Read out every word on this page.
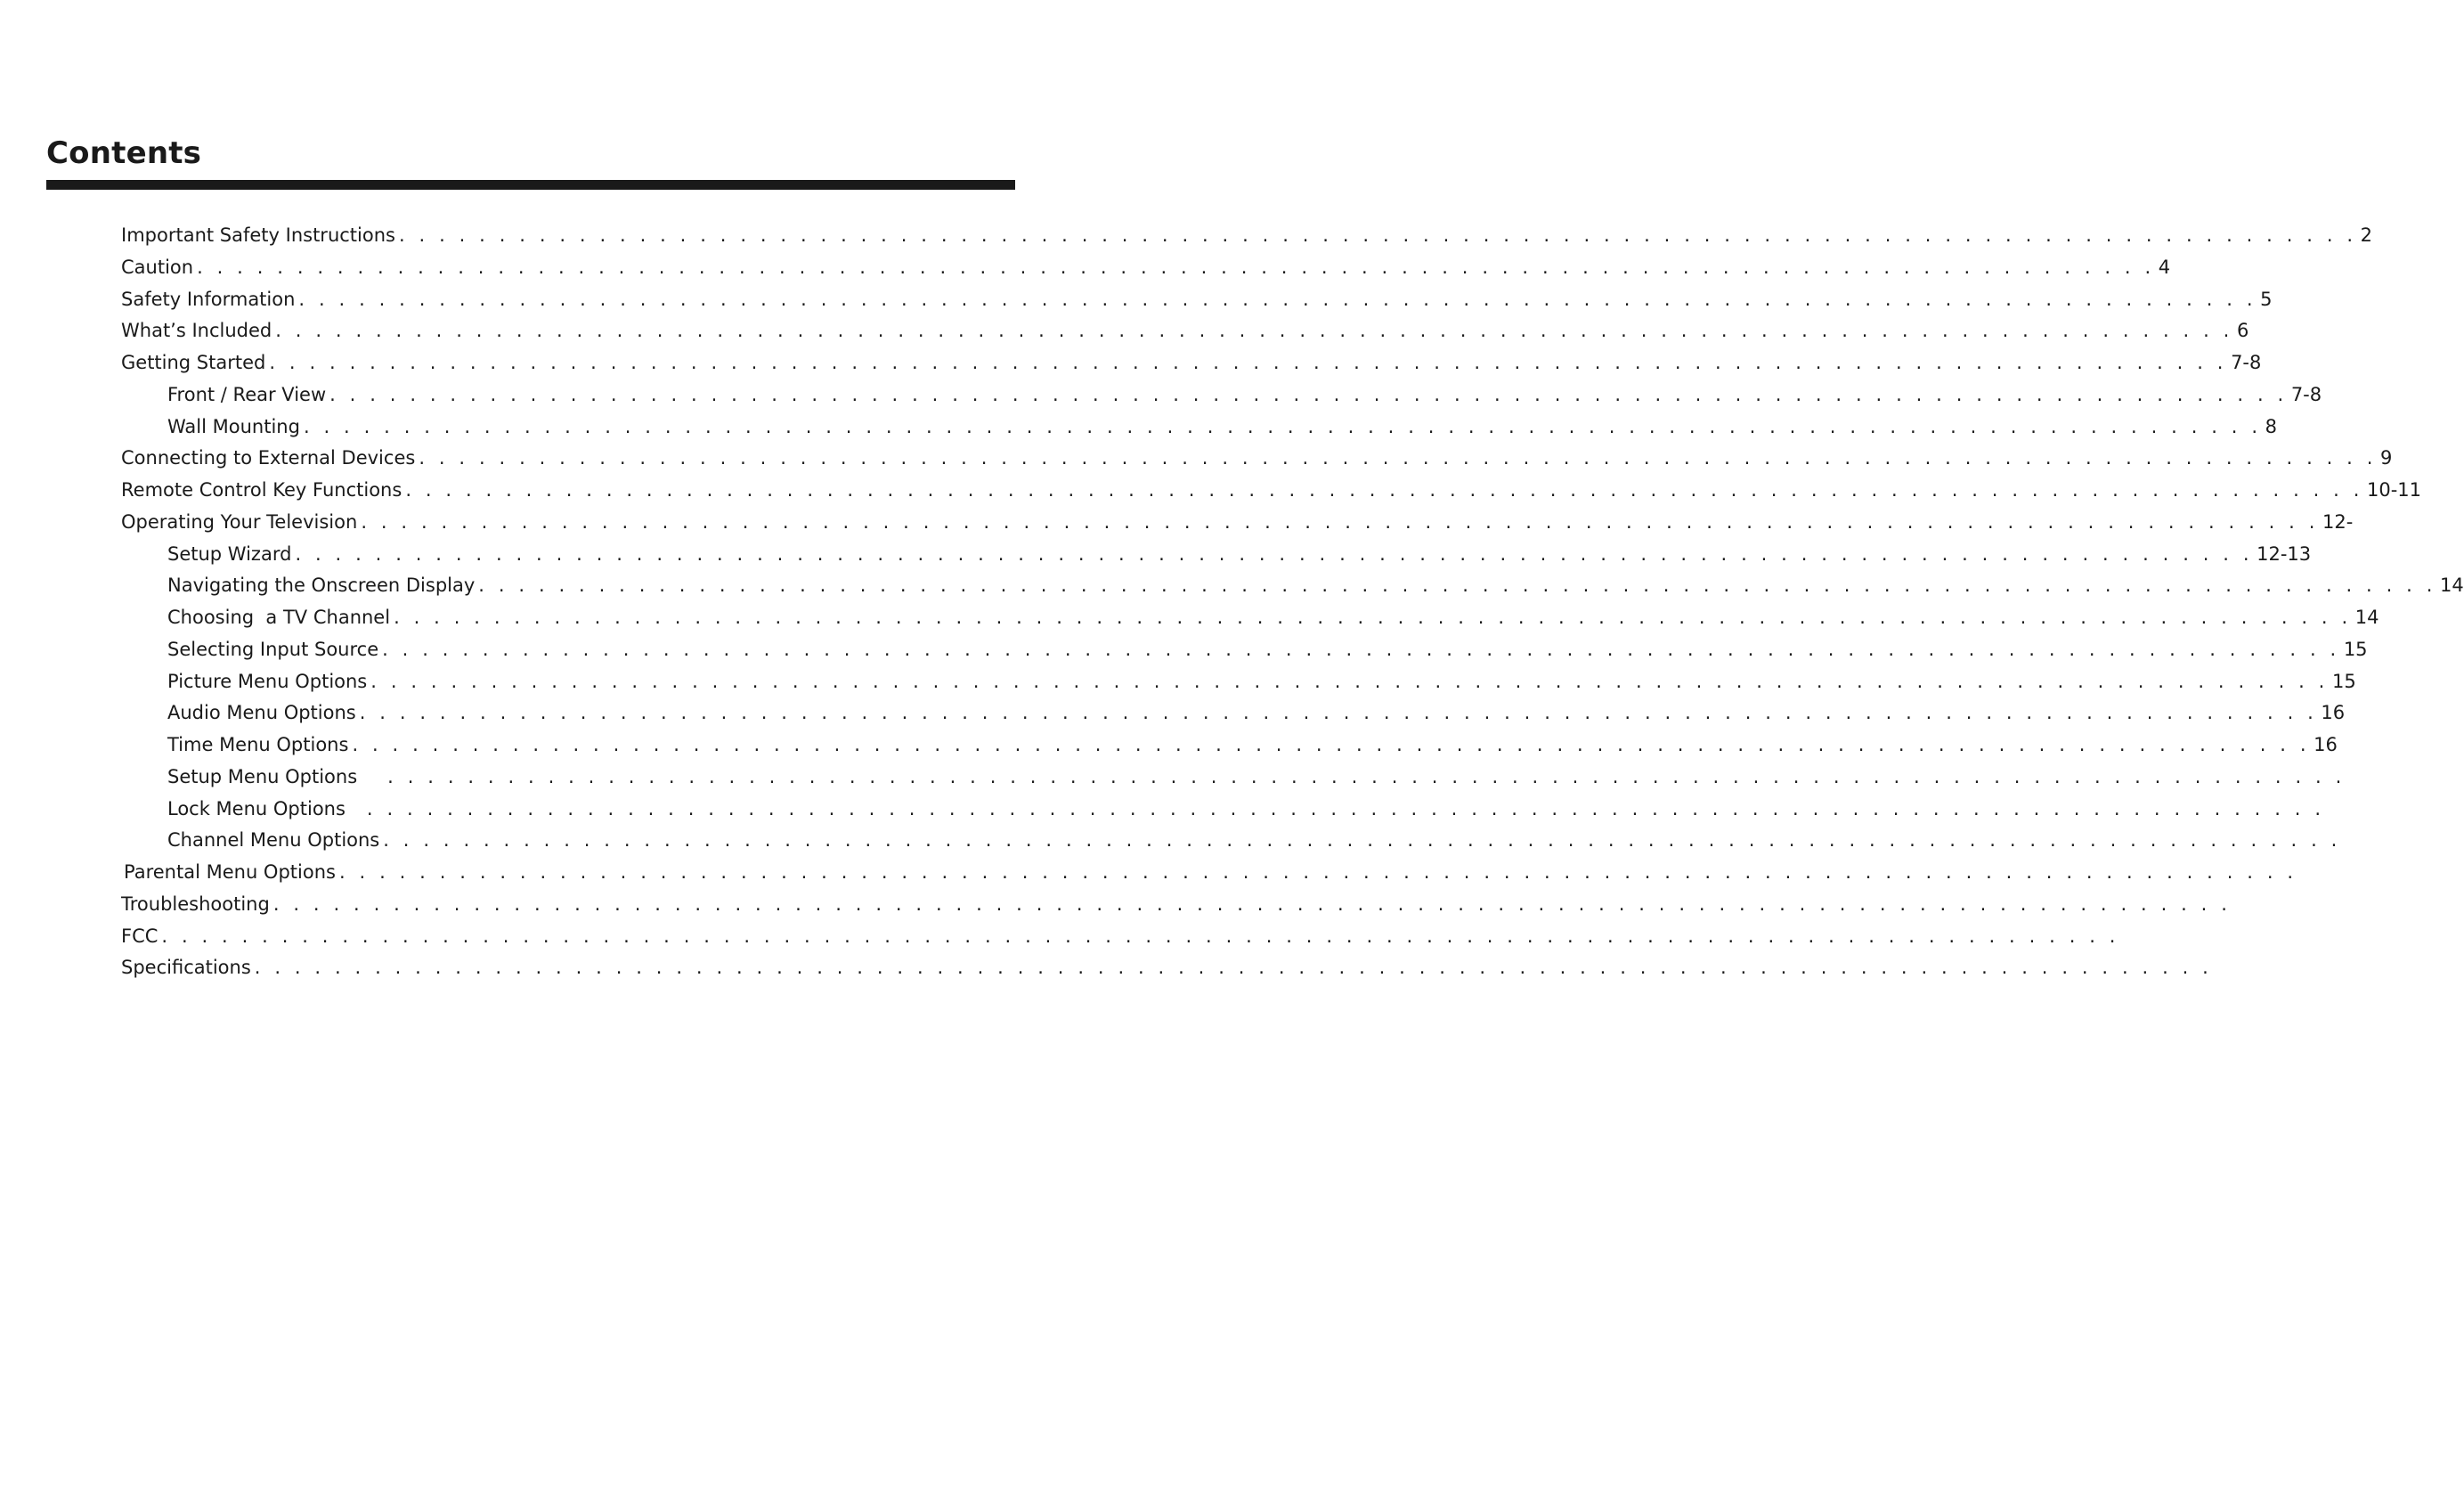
Contents
Important Safety Instructions . . . . . . . . . . . . . . . . . . . . . . . . . . . . . . . . . . . . . . . . . . . . . . . . . . . . . . . . . . . . . . . . . . . . . . . . . . . . . . . . . . . . . . . . . . . . . . . . . . 2
Caution . . . . . . . . . . . . . . . . . . . . . . . . . . . . . . . . . . . . . . . . . . . . . . . . . . . . . . . . . . . . . . . . . . . . . . . . . . . . . . . . . . . . . . . . . . . . . . . . . . 4
Safety Information . . . . . . . . . . . . . . . . . . . . . . . . . . . . . . . . . . . . . . . . . . . . . . . . . . . . . . . . . . . . . . . . . . . . . . . . . . . . . . . . . . . . . . . . . . . . . . . . . . 5
What’s Included . . . . . . . . . . . . . . . . . . . . . . . . . . . . . . . . . . . . . . . . . . . . . . . . . . . . . . . . . . . . . . . . . . . . . . . . . . . . . . . . . . . . . . . . . . . . . . . . . . 6
Getting Started . . . . . . . . . . . . . . . . . . . . . . . . . . . . . . . . . . . . . . . . . . . . . . . . . . . . . . . . . . . . . . . . . . . . . . . . . . . . . . . . . . . . . . . . . . . . . . . . . . 7-8
Front / Rear View . . . . . . . . . . . . . . . . . . . . . . . . . . . . . . . . . . . . . . . . . . . . . . . . . . . . . . . . . . . . . . . . . . . . . . . . . . . . . . . . . . . . . . . . . . . . . . . . . . 7-8
Wall Mounting . . . . . . . . . . . . . . . . . . . . . . . . . . . . . . . . . . . . . . . . . . . . . . . . . . . . . . . . . . . . . . . . . . . . . . . . . . . . . . . . . . . . . . . . . . . . . . . . . . 8
Connecting to External Devices . . . . . . . . . . . . . . . . . . . . . . . . . . . . . . . . . . . . . . . . . . . . . . . . . . . . . . . . . . . . . . . . . . . . . . . . . . . . . . . . . . . . . . . . . . . . . . . . . . 9
Remote Control Key Functions . . . . . . . . . . . . . . . . . . . . . . . . . . . . . . . . . . . . . . . . . . . . . . . . . . . . . . . . . . . . . . . . . . . . . . . . . . . . . . . . . . . . . . . . . . . . . . . . . . 10-11
Operating Your Television . . . . . . . . . . . . . . . . . . . . . . . . . . . . . . . . . . . . . . . . . . . . . . . . . . . . . . . . . . . . . . . . . . . . . . . . . . . . . . . . . . . . . . . . . . . . . . . . . . 12-
Setup Wizard . . . . . . . . . . . . . . . . . . . . . . . . . . . . . . . . . . . . . . . . . . . . . . . . . . . . . . . . . . . . . . . . . . . . . . . . . . . . . . . . . . . . . . . . . . . . . . . . . . 12-13
Navigating the Onscreen Display . . . . . . . . . . . . . . . . . . . . . . . . . . . . . . . . . . . . . . . . . . . . . . . . . . . . . . . . . . . . . . . . . . . . . . . . . . . . . . . . . . . . . . . . . . . . . . . . . . 14
Choosing  a TV Channel . . . . . . . . . . . . . . . . . . . . . . . . . . . . . . . . . . . . . . . . . . . . . . . . . . . . . . . . . . . . . . . . . . . . . . . . . . . . . . . . . . . . . . . . . . . . . . . . . . 14
Selecting Input Source . . . . . . . . . . . . . . . . . . . . . . . . . . . . . . . . . . . . . . . . . . . . . . . . . . . . . . . . . . . . . . . . . . . . . . . . . . . . . . . . . . . . . . . . . . . . . . . . . . 15
Picture Menu Options . . . . . . . . . . . . . . . . . . . . . . . . . . . . . . . . . . . . . . . . . . . . . . . . . . . . . . . . . . . . . . . . . . . . . . . . . . . . . . . . . . . . . . . . . . . . . . . . . . 15
Audio Menu Options . . . . . . . . . . . . . . . . . . . . . . . . . . . . . . . . . . . . . . . . . . . . . . . . . . . . . . . . . . . . . . . . . . . . . . . . . . . . . . . . . . . . . . . . . . . . . . . . . . 16
Time Menu Options . . . . . . . . . . . . . . . . . . . . . . . . . . . . . . . . . . . . . . . . . . . . . . . . . . . . . . . . . . . . . . . . . . . . . . . . . . . . . . . . . . . . . . . . . . . . . . . . . . 16
Setup Menu Options . . . . . . . . . . . . . . . . . . . . . . . . . . . . . . . . . . . . . . . . . . . . . . . . . . . . . . . . . . . . . . . . . . . . . . . . . . . . . . . . . . . . . . . . . . . . . . . . . .
Lock Menu Options . . . . . . . . . . . . . . . . . . . . . . . . . . . . . . . . . . . . . . . . . . . . . . . . . . . . . . . . . . . . . . . . . . . . . . . . . . . . . . . . . . . . . . . . . . . . . . . . . .
Channel Menu Options . . . . . . . . . . . . . . . . . . . . . . . . . . . . . . . . . . . . . . . . . . . . . . . . . . . . . . . . . . . . . . . . . . . . . . . . . . . . . . . . . . . . . . . . . . . . . . . . . .
Parental Menu Options . . . . . . . . . . . . . . . . . . . . . . . . . . . . . . . . . . . . . . . . . . . . . . . . . . . . . . . . . . . . . . . . . . . . . . . . . . . . . . . . . . . . . . . . . . . . . . . . . .
Troubleshooting . . . . . . . . . . . . . . . . . . . . . . . . . . . . . . . . . . . . . . . . . . . . . . . . . . . . . . . . . . . . . . . . . . . . . . . . . . . . . . . . . . . . . . . . . . . . . . . . . .
FCC . . . . . . . . . . . . . . . . . . . . . . . . . . . . . . . . . . . . . . . . . . . . . . . . . . . . . . . . . . . . . . . . . . . . . . . . . . . . . . . . . . . . . . . . . . . . . . . . . .
Specifications . . . . . . . . . . . . . . . . . . . . . . . . . . . . . . . . . . . . . . . . . . . . . . . . . . . . . . . . . . . . . . . . . . . . . . . . . . . . . . . . . . . . . . . . . . . . . . . . . .
